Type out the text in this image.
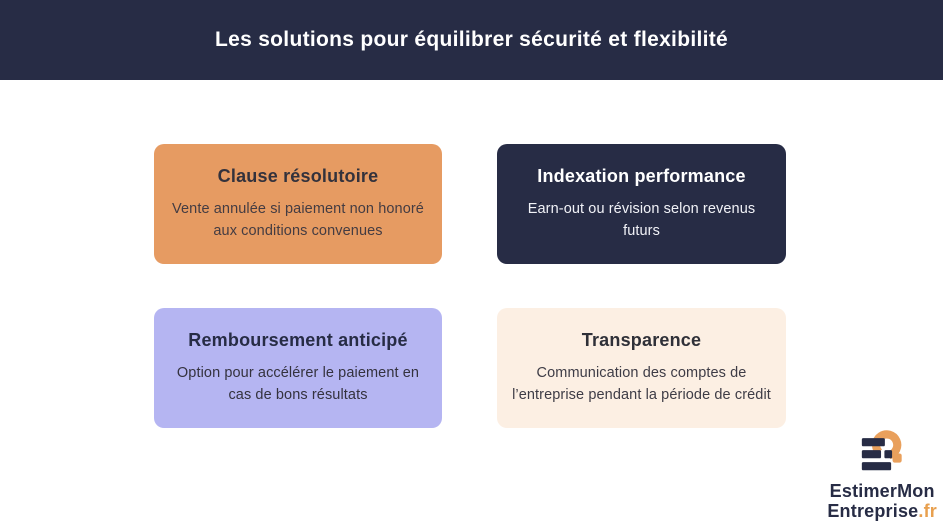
Les solutions pour équilibrer sécurité et flexibilité
Clause résolutoire
Vente annulée si paiement non honoré aux conditions convenues
Indexation performance
Earn-out ou révision selon revenus futurs
Remboursement anticipé
Option pour accélérer le paiement en cas de bons résultats
Transparence
Communication des comptes de l’entreprise pendant la période de crédit
EstimerMon
Entreprise.fr
